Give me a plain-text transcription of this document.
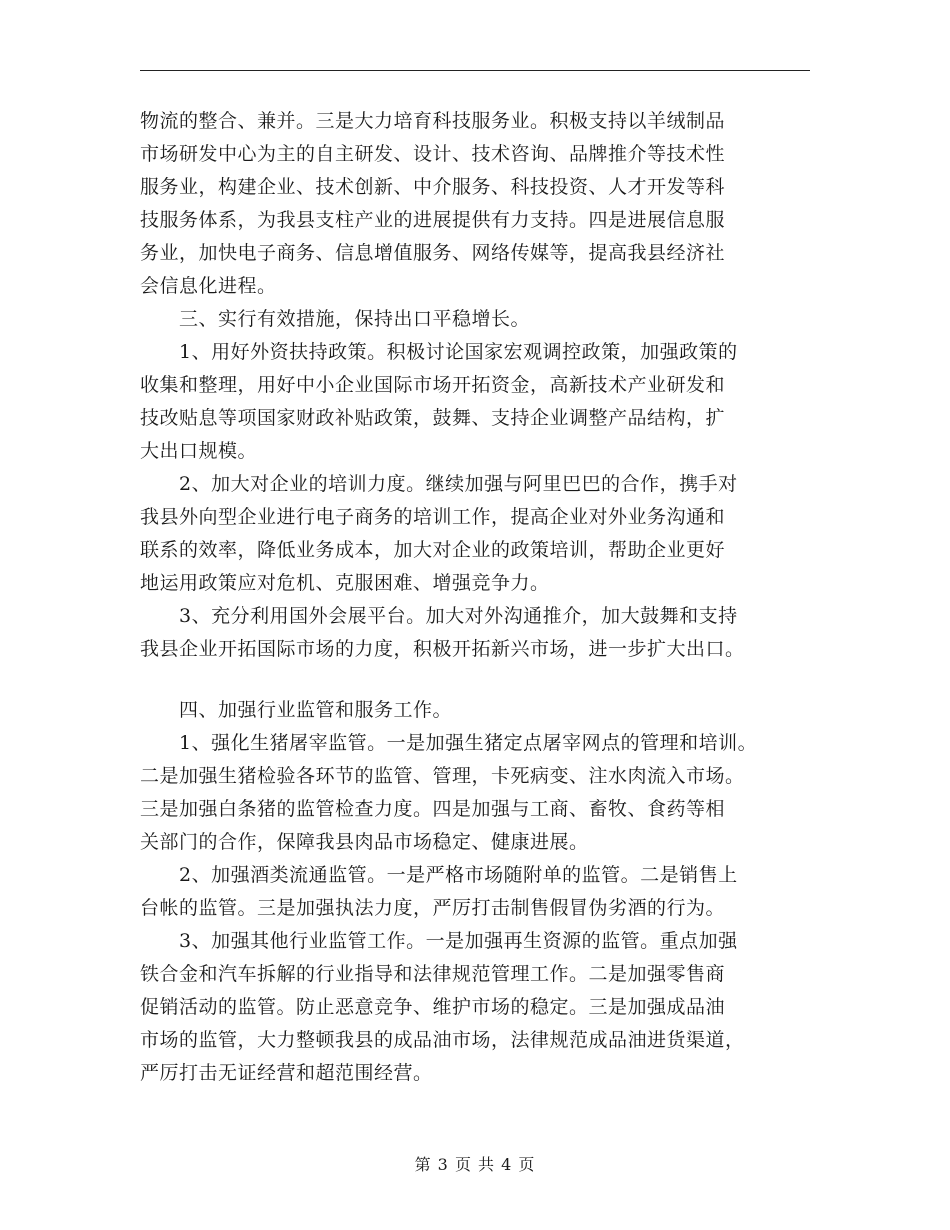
物流的整合、兼并。三是大力培育科技服务业。积极支持以羊绒制品
市场研发中心为主的自主研发、设计、技术咨询、品牌推介等技术性
服务业，构建企业、技术创新、中介服务、科技投资、人才开发等科
技服务体系，为我县支柱产业的进展提供有力支持。四是进展信息服
务业，加快电子商务、信息增值服务、网络传媒等，提高我县经济社
会信息化进程。
　　三、实行有效措施，保持出口平稳增长。
　　1、用好外资扶持政策。积极讨论国家宏观调控政策，加强政策的
收集和整理，用好中小企业国际市场开拓资金，高新技术产业研发和
技改贴息等项国家财政补贴政策，鼓舞、支持企业调整产品结构，扩
大出口规模。
　　2、加大对企业的培训力度。继续加强与阿里巴巴的合作，携手对
我县外向型企业进行电子商务的培训工作，提高企业对外业务沟通和
联系的效率，降低业务成本，加大对企业的政策培训，帮助企业更好
地运用政策应对危机、克服困难、增强竞争力。
　　3、充分利用国外会展平台。加大对外沟通推介，加大鼓舞和支持
我县企业开拓国际市场的力度，积极开拓新兴市场，进一步扩大出口。
　　四、加强行业监管和服务工作。
　　1、强化生猪屠宰监管。一是加强生猪定点屠宰网点的管理和培训。
二是加强生猪检验各环节的监管、管理，卡死病变、注水肉流入市场。
三是加强白条猪的监管检查力度。四是加强与工商、畜牧、食药等相
关部门的合作，保障我县肉品市场稳定、健康进展。
　　2、加强酒类流通监管。一是严格市场随附单的监管。二是销售上
台帐的监管。三是加强执法力度，严厉打击制售假冒伪劣酒的行为。
　　3、加强其他行业监管工作。一是加强再生资源的监管。重点加强
铁合金和汽车拆解的行业指导和法律规范管理工作。二是加强零售商
促销活动的监管。防止恶意竞争、维护市场的稳定。三是加强成品油
市场的监管，大力整顿我县的成品油市场，法律规范成品油进货渠道，
严厉打击无证经营和超范围经营。
第 3 页 共 4 页
